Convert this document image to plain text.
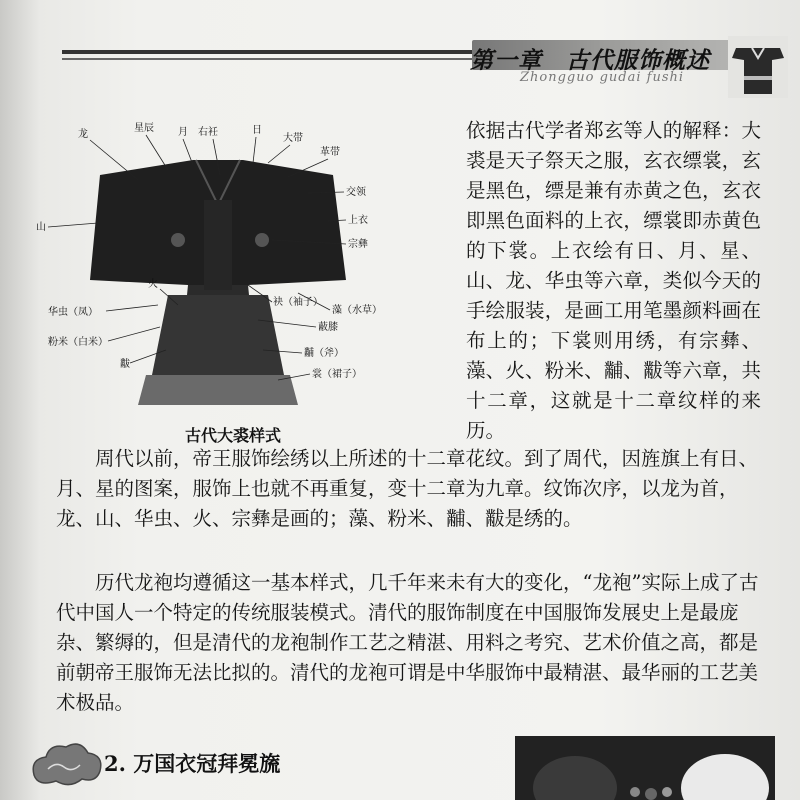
第一章　古代服饰概述
Zhongguo gudai fushi
龙
星辰 月 右衽	日
大带
革带
交领
山
上衣
宗彝
火
袂（袖子）
华虫（凤）	藻（水草）
蔽膝
粉米（白米）
黼（斧）
黻
裳（裙子）
古代大裘样式

依据古代学者郑玄等人的解释：大裘是天子祭天之服，玄衣缥裳，玄是黑色，缥是兼有赤黄之色，玄衣即黑色面料的上衣，缥裳即赤黄色的下裳。上衣绘有日、月、星、山、龙、华虫等六章，类似今天的手绘服装，是画工用笔墨颜料画在布上的；下裳则用绣，有宗彝、藻、火、粉米、黼、黻等六章，共十二章，这就是十二章纹样的来历。

　　周代以前，帝王服饰绘绣以上所述的十二章花纹。到了周代，因旌旗上有日、月、星的图案，服饰上也就不再重复，变十二章为九章。纹饰次序，以龙为首，龙、山、华虫、火、宗彝是画的；藻、粉米、黼、黻是绣的。

　　历代龙袍均遵循这一基本样式，几千年来未有大的变化，“龙袍”实际上成了古代中国人一个特定的传统服装模式。清代的服饰制度在中国服饰发展史上是最庞杂、繁缛的，但是清代的龙袍制作工艺之精湛、用料之考究、艺术价值之高，都是前朝帝王服饰无法比拟的。清代的龙袍可谓是中华服饰中最精湛、最华丽的工艺美术极品。

2. 万国衣冠拜冕旒
